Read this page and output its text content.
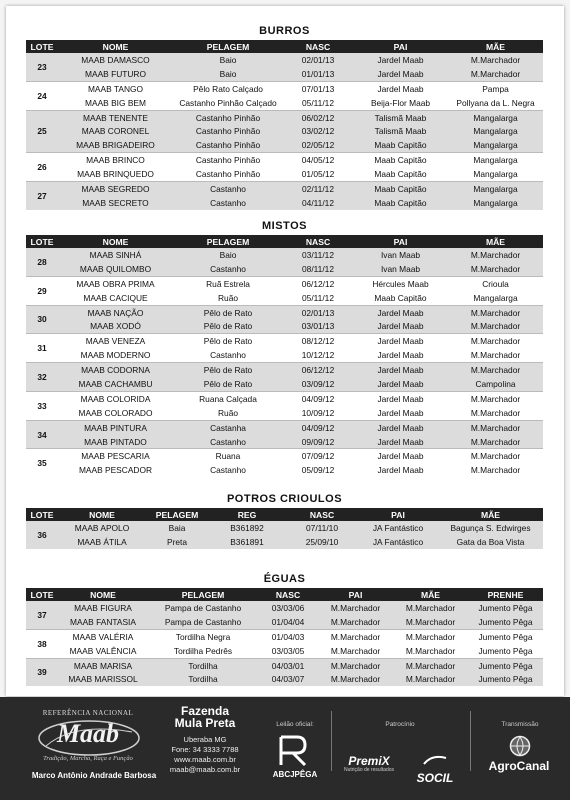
BURROS
LOTE	NOME	PELAGEM	NASC	PAI	MÃE
23	MAAB DAMASCO	Baio	02/01/13	Jardel Maab	M.Marchador
	MAAB FUTURO	Baio	01/01/13	Jardel Maab	M.Marchador
24	MAAB TANGO	Pêlo Rato Calçado	07/01/13	Jardel Maab	Pampa
	MAAB BIG BEM	Castanho Pinhão Calçado	05/11/12	Beija-Flor Maab	Pollyana da L. Negra
25	MAAB TENENTE	Castanho Pinhão	06/02/12	Talismã Maab	Mangalarga
	MAAB CORONEL	Castanho Pinhão	03/02/12	Talismã Maab	Mangalarga
	MAAB BRIGADEIRO	Castanho Pinhão	02/05/12	Maab Capitão	Mangalarga
26	MAAB BRINCO	Castanho Pinhão	04/05/12	Maab Capitão	Mangalarga
	MAAB BRINQUEDO	Castanho Pinhão	01/05/12	Maab Capitão	Mangalarga
27	MAAB SEGREDO	Castanho	02/11/12	Maab Capitão	Mangalarga
	MAAB SECRETO	Castanho	04/11/12	Maab Capitão	Mangalarga
MISTOS
LOTE	NOME	PELAGEM	NASC	PAI	MÃE
28	MAAB SINHÁ	Baio	03/11/12	Ivan Maab	M.Marchador
	MAAB QUILOMBO	Castanho	08/11/12	Ivan Maab	M.Marchador
29	MAAB OBRA PRIMA	Ruã Estrela	06/12/12	Hércules Maab	Crioula
	MAAB CACIQUE	Ruão	05/11/12	Maab Capitão	Mangalarga
30	MAAB NAÇÃO	Pêlo de Rato	02/01/13	Jardel Maab	M.Marchador
	MAAB XODÓ	Pêlo de Rato	03/01/13	Jardel Maab	M.Marchador
31	MAAB VENEZA	Pêlo de Rato	08/12/12	Jardel Maab	M.Marchador
	MAAB MODERNO	Castanho	10/12/12	Jardel Maab	M.Marchador
32	MAAB CODORNA	Pêlo de Rato	06/12/12	Jardel Maab	M.Marchador
	MAAB CACHAMBU	Pêlo de Rato	03/09/12	Jardel Maab	Campolina
33	MAAB COLORIDA	Ruana Calçada	04/09/12	Jardel Maab	M.Marchador
	MAAB COLORADO	Ruão	10/09/12	Jardel Maab	M.Marchador
34	MAAB PINTURA	Castanha	04/09/12	Jardel Maab	M.Marchador
	MAAB PINTADO	Castanho	09/09/12	Jardel Maab	M.Marchador
35	MAAB PESCARIA	Ruana	07/09/12	Jardel Maab	M.Marchador
	MAAB PESCADOR	Castanho	05/09/12	Jardel Maab	M.Marchador
POTROS CRIOULOS
LOTE	NOME	PELAGEM	REG	NASC	PAI	MÃE
36	MAAB APOLO	Baia	B361892	07/11/10	JA Fantástico	Bagunça S. Edwirges
	MAAB ÁTILA	Preta	B361891	25/09/10	JA Fantástico	Gata da Boa Vista
ÉGUAS
LOTE	NOME	PELAGEM	NASC	PAI	MÃE	PRENHE
37	MAAB FIGURA	Pampa de Castanho	03/03/06	M.Marchador	M.Marchador	Jumento Pêga
	MAAB FANTASIA	Pampa de Castanho	01/04/04	M.Marchador	M.Marchador	Jumento Pêga
38	MAAB VALÉRIA	Tordilha Negra	01/04/03	M.Marchador	M.Marchador	Jumento Pêga
	MAAB VALÊNCIA	Tordilha Pedrês	03/03/05	M.Marchador	M.Marchador	Jumento Pêga
39	MAAB MARISA	Tordilha	04/03/01	M.Marchador	M.Marchador	Jumento Pêga
	MAAB MARISSOL	Tordilha	04/03/07	M.Marchador	M.Marchador	Jumento Pêga
REFERÊNCIA NACIONAL
Maab
Tradição, Marcha, Raça e Função
Marco Antônio Andrade Barbosa
Fazenda
Mula Preta
Uberaba MG
Fone: 34 3333 7788
www.maab.com.br
maab@maab.com.br
Leilão oficial:
ABCJPÊGA
Patrocínio
PremiX
Nutrição de resultados
SOCIL
Transmissão
AgroCanal
